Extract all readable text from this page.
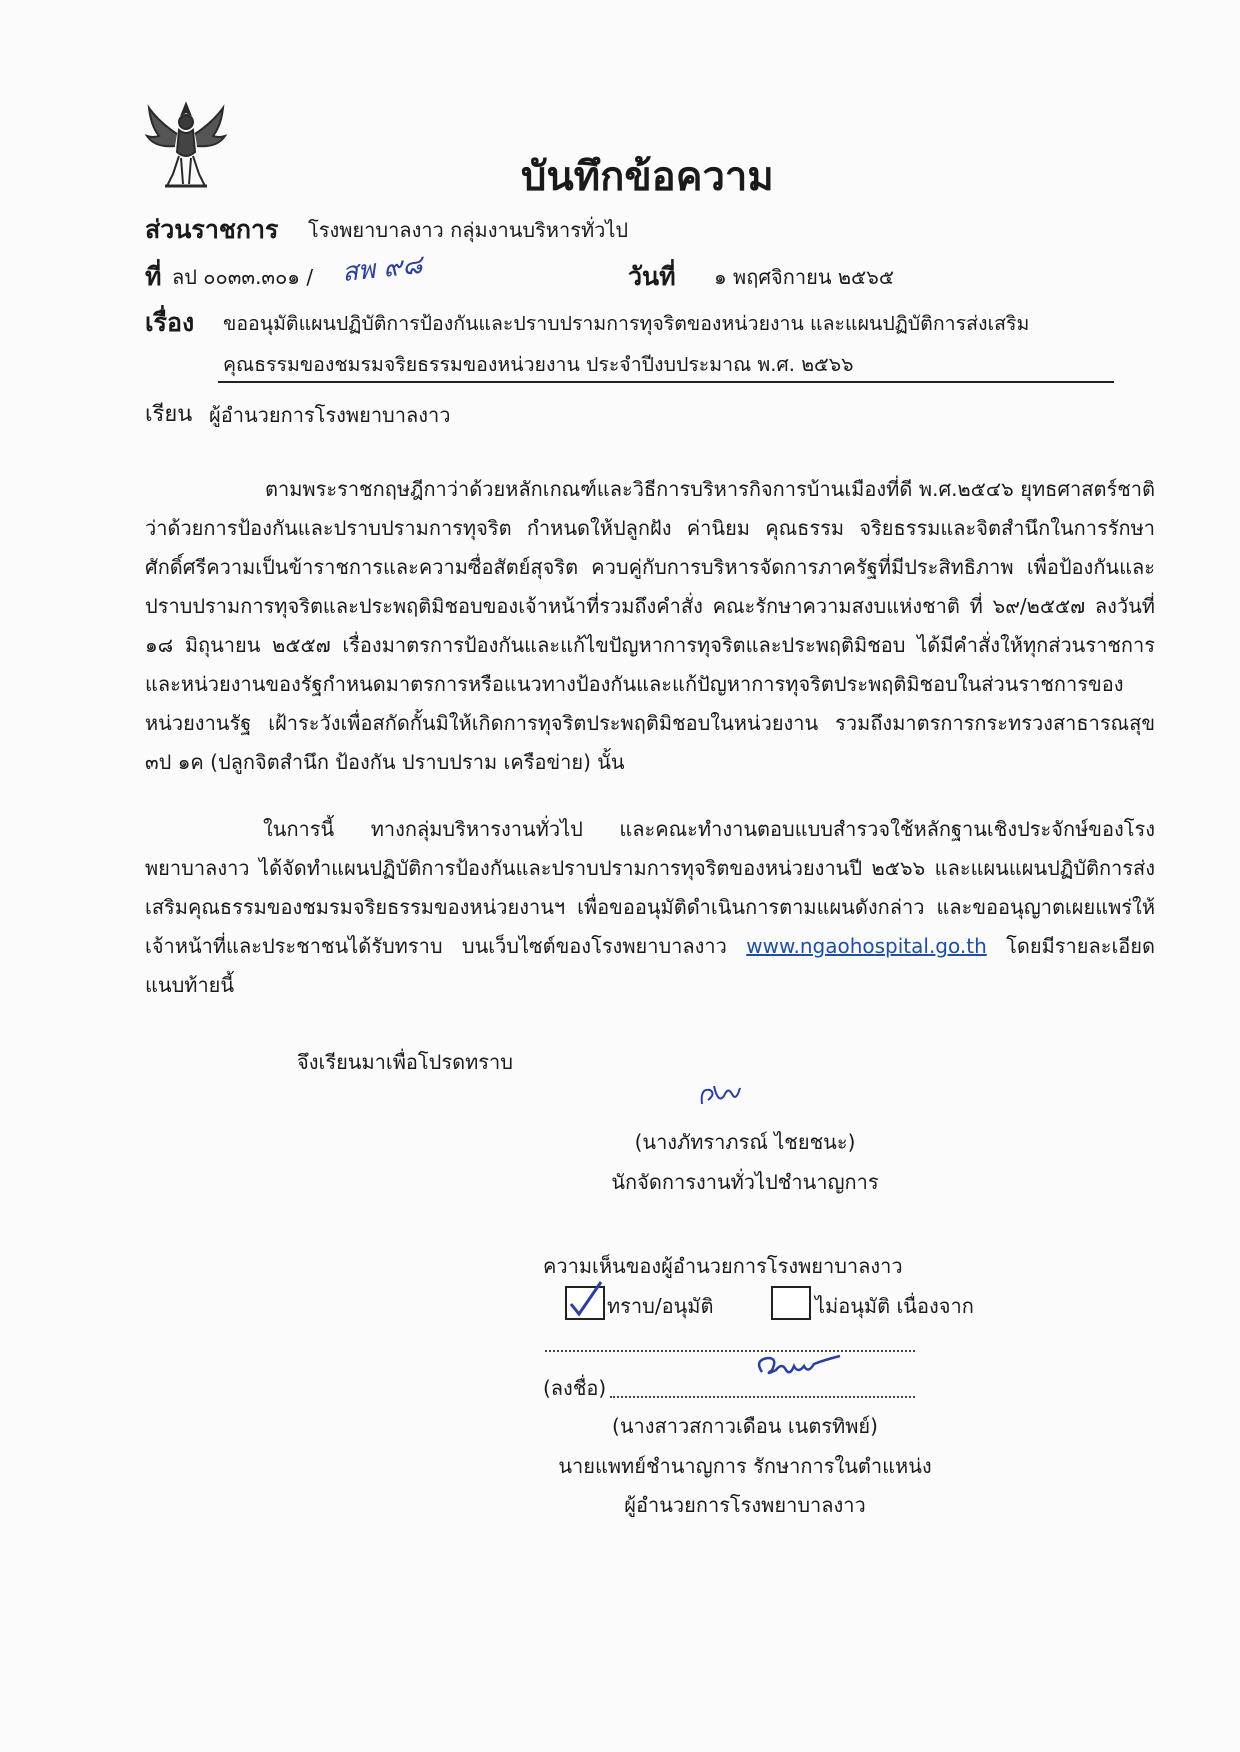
บันทึกข้อความ
ส่วนราชการ โรงพยาบาลงาว กลุ่มงานบริหารทั่วไป
ที่ ลป ๐๐๓๓.๓๐๑ / สพ ๙๘	วันที่ ๑ พฤศจิกายน ๒๕๖๕
เรื่อง ขออนุมัติแผนปฏิบัติการป้องกันและปราบปรามการทุจริตของหน่วยงาน และแผนปฏิบัติการส่งเสริม
คุณธรรมของชมรมจริยธรรมของหน่วยงาน ประจำปีงบประมาณ พ.ศ. ๒๕๖๖
เรียน ผู้อำนวยการโรงพยาบาลงาว
ตามพระราชกฤษฎีกาว่าด้วยหลักเกณฑ์และวิธีการบริหารกิจการบ้านเมืองที่ดี พ.ศ.๒๕๔๖ ยุทธศาสตร์ชาติว่าด้วยการป้องกันและปราบปรามการทุจริต กำหนดให้ปลูกฝัง ค่านิยม คุณธรรม จริยธรรมและจิตสำนึกในการรักษาศักดิ์ศรีความเป็นข้าราชการและความซื่อสัตย์สุจริต ควบคู่กับการบริหารจัดการภาครัฐที่มีประสิทธิภาพ เพื่อป้องกันและปราบปรามการทุจริตและประพฤติมิชอบของเจ้าหน้าที่รวมถึงคำสั่ง คณะรักษาความสงบแห่งชาติ ที่ ๖๙/๒๕๕๗ ลงวันที่ ๑๘ มิถุนายน ๒๕๕๗ เรื่องมาตรการป้องกันและแก้ไขปัญหาการทุจริตและประพฤติมิชอบ ได้มีคำสั่งให้ทุกส่วนราชการและหน่วยงานของรัฐกำหนดมาตรการหรือแนวทางป้องกันและแก้ปัญหาการทุจริตประพฤติมิชอบในส่วนราชการของหน่วยงานรัฐ เฝ้าระวังเพื่อสกัดกั้นมิให้เกิดการทุจริตประพฤติมิชอบในหน่วยงาน รวมถึงมาตรการกระทรวงสาธารณสุข ๓ป ๑ค (ปลูกจิตสำนึก ป้องกัน ปราบปราม เครือข่าย) นั้น
ในการนี้ ทางกลุ่มบริหารงานทั่วไป และคณะทำงานตอบแบบสำรวจใช้หลักฐานเชิงประจักษ์ของโรงพยาบาลงาว ได้จัดทำแผนปฏิบัติการป้องกันและปราบปรามการทุจริตของหน่วยงานปี ๒๕๖๖ และแผนแผนปฏิบัติการส่งเสริมคุณธรรมของชมรมจริยธรรมของหน่วยงานฯ เพื่อขออนุมัติดำเนินการตามแผนดังกล่าว และขออนุญาตเผยแพร่ให้เจ้าหน้าที่และประชาชนได้รับทราบ บนเว็บไซต์ของโรงพยาบาลงาว www.ngaohospital.go.th โดยมีรายละเอียดแนบท้ายนี้
จึงเรียนมาเพื่อโปรดทราบ
(นางภัทราภรณ์ ไชยชนะ)
นักจัดการงานทั่วไปชำนาญการ
ความเห็นของผู้อำนวยการโรงพยาบาลงาว
ทราบ/อนุมัติ	ไม่อนุมัติ เนื่องจาก
(ลงชื่อ)
(นางสาวสกาวเดือน เนตรทิพย์)
นายแพทย์ชำนาญการ รักษาการในตำแหน่ง
ผู้อำนวยการโรงพยาบาลงาว
